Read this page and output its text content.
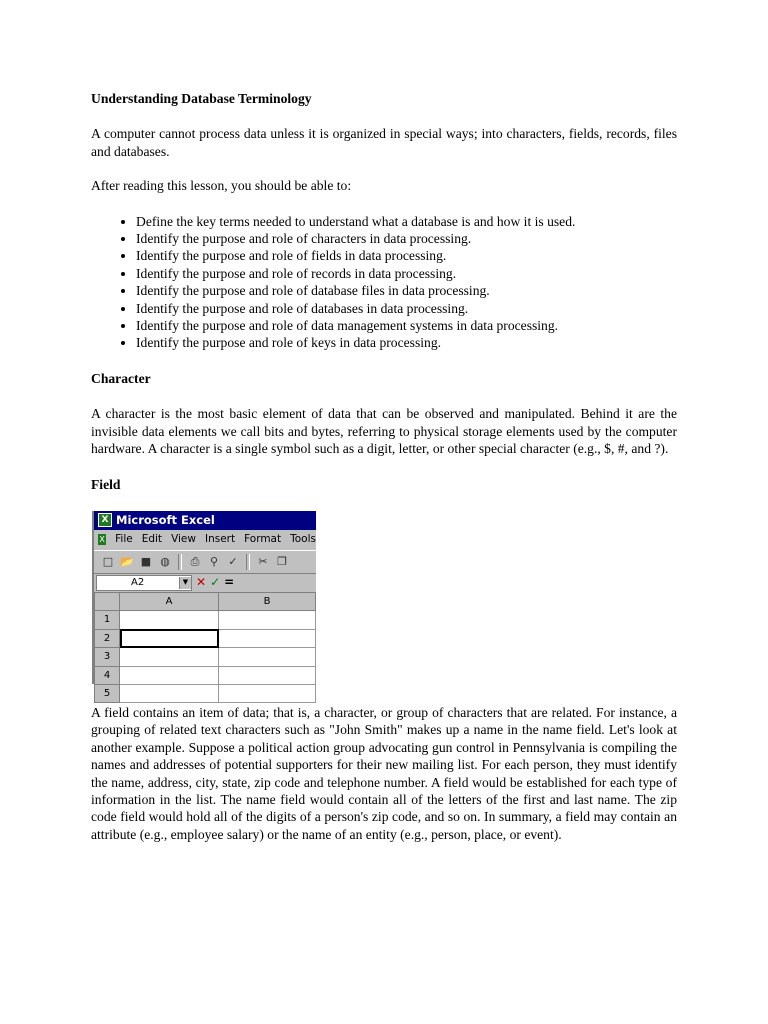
Understanding Database Terminology

A computer cannot process data unless it is organized in special ways; into characters, fields, records, files and databases.

After reading this lesson, you should be able to:

• Define the key terms needed to understand what a database is and how it is used.
• Identify the purpose and role of characters in data processing.
• Identify the purpose and role of fields in data processing.
• Identify the purpose and role of records in data processing.
• Identify the purpose and role of database files in data processing.
• Identify the purpose and role of databases in data processing.
• Identify the purpose and role of data management systems in data processing.
• Identify the purpose and role of keys in data processing.

Character

A character is the most basic element of data that can be observed and manipulated. Behind it are the invisible data elements we call bits and bytes, referring to physical storage elements used by the computer hardware. A character is a single symbol such as a digit, letter, or other special character (e.g., $, #, and ?).

Field

X Microsoft Excel
X File Edit View Insert Format Tools
□ 📂 ■ ◍	⎙ ⚲ ✓	✂ ❐
A2	▼ ✕ ✓ =
	A	B
1		
2		
3		
4		
5		

A field contains an item of data; that is, a character, or group of characters that are related. For instance, a grouping of related text characters such as "John Smith" makes up a name in the name field. Let's look at another example. Suppose a political action group advocating gun control in Pennsylvania is compiling the names and addresses of potential supporters for their new mailing list. For each person, they must identify the name, address, city, state, zip code and telephone number. A field would be established for each type of information in the list. The name field would contain all of the letters of the first and last name. The zip code field would hold all of the digits of a person's zip code, and so on. In summary, a field may contain an attribute (e.g., employee salary) or the name of an entity (e.g., person, place, or event).
